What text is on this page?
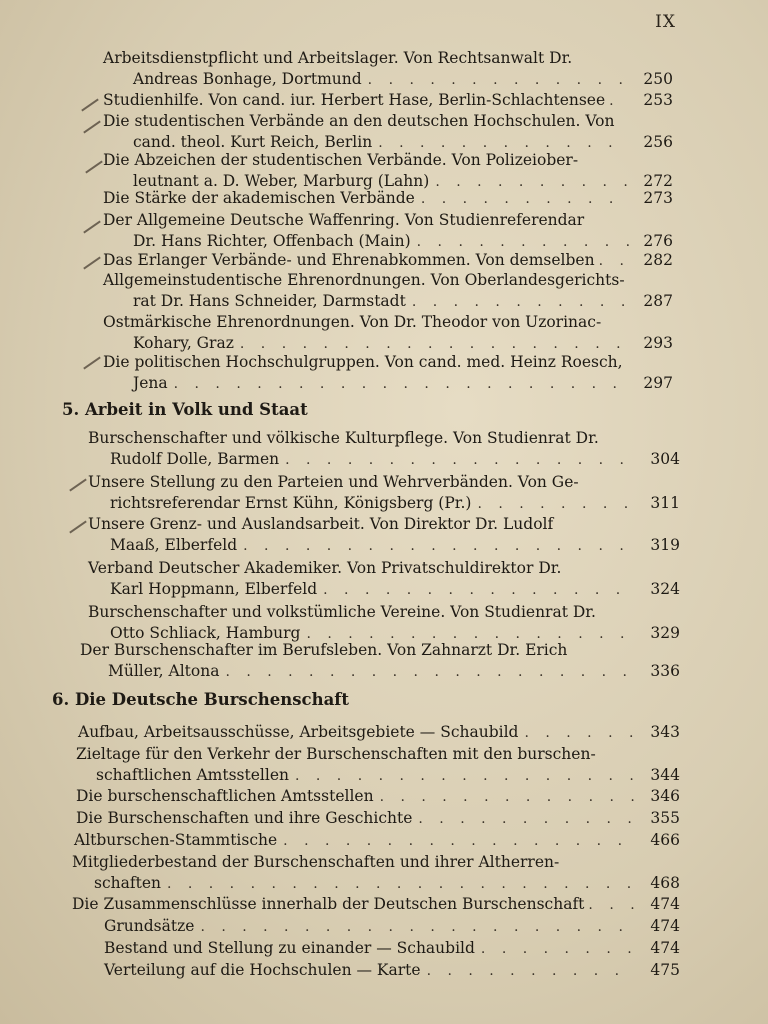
IX
Arbeitsdienstpflicht und Arbeitslager. Von Rechtsanwalt Dr.
Andreas Bonhage, Dortmund . . .	250
Studienhilfe. Von cand. iur. Herbert Hase, Berlin-Schlachtensee . . .	253
Die studentischen Verbände an den deutschen Hochschulen. Von
cand. theol. Kurt Reich, Berlin . . .	256
Die Abzeichen der studentischen Verbände. Von Polizeiober-
leutnant a. D. Weber, Marburg (Lahn) . . .	272
Die Stärke der akademischen Verbände . . .	273
Der Allgemeine Deutsche Waffenring. Von Studienreferendar
Dr. Hans Richter, Offenbach (Main) . . .	276
Das Erlanger Verbände- und Ehrenabkommen. Von demselben . . .	282
Allgemeinstudentische Ehrenordnungen. Von Oberlandesgerichts-
rat Dr. Hans Schneider, Darmstadt . . .	287
Ostmärkische Ehrenordnungen. Von Dr. Theodor von Uzorinac-
Kohary, Graz . . .	293
Die politischen Hochschulgruppen. Von cand. med. Heinz Roesch,
Jena . . .	297
5. Arbeit in Volk und Staat
Burschenschafter und völkische Kulturpflege. Von Studienrat Dr.
Rudolf Dolle, Barmen . . .	304
Unsere Stellung zu den Parteien und Wehrverbänden. Von Ge-
richtsreferendar Ernst Kühn, Königsberg (Pr.) . . .	311
Unsere Grenz- und Auslandsarbeit. Von Direktor Dr. Ludolf
Maaß, Elberfeld . . .	319
Verband Deutscher Akademiker. Von Privatschuldirektor Dr.
Karl Hoppmann, Elberfeld . . .	324
Burschenschafter und volkstümliche Vereine. Von Studienrat Dr.
Otto Schliack, Hamburg . . .	329
Der Burschenschafter im Berufsleben. Von Zahnarzt Dr. Erich
Müller, Altona . . .	336
6. Die Deutsche Burschenschaft
Aufbau, Arbeitsausschüsse, Arbeitsgebiete — Schaubild . . .	343
Zieltage für den Verkehr der Burschenschaften mit den burschen-
schaftlichen Amtsstellen . . .	344
Die burschenschaftlichen Amtsstellen . . .	346
Die Burschenschaften und ihre Geschichte . . .	355
Altburschen-Stammtische . . .	466
Mitgliederbestand der Burschenschaften und ihrer Altherren-
schaften . . .	468
Die Zusammenschlüsse innerhalb der Deutschen Burschenschaft . . .	474
Grundsätze . . .	474
Bestand und Stellung zu einander — Schaubild . . .	474
Verteilung auf die Hochschulen — Karte . . .	475
